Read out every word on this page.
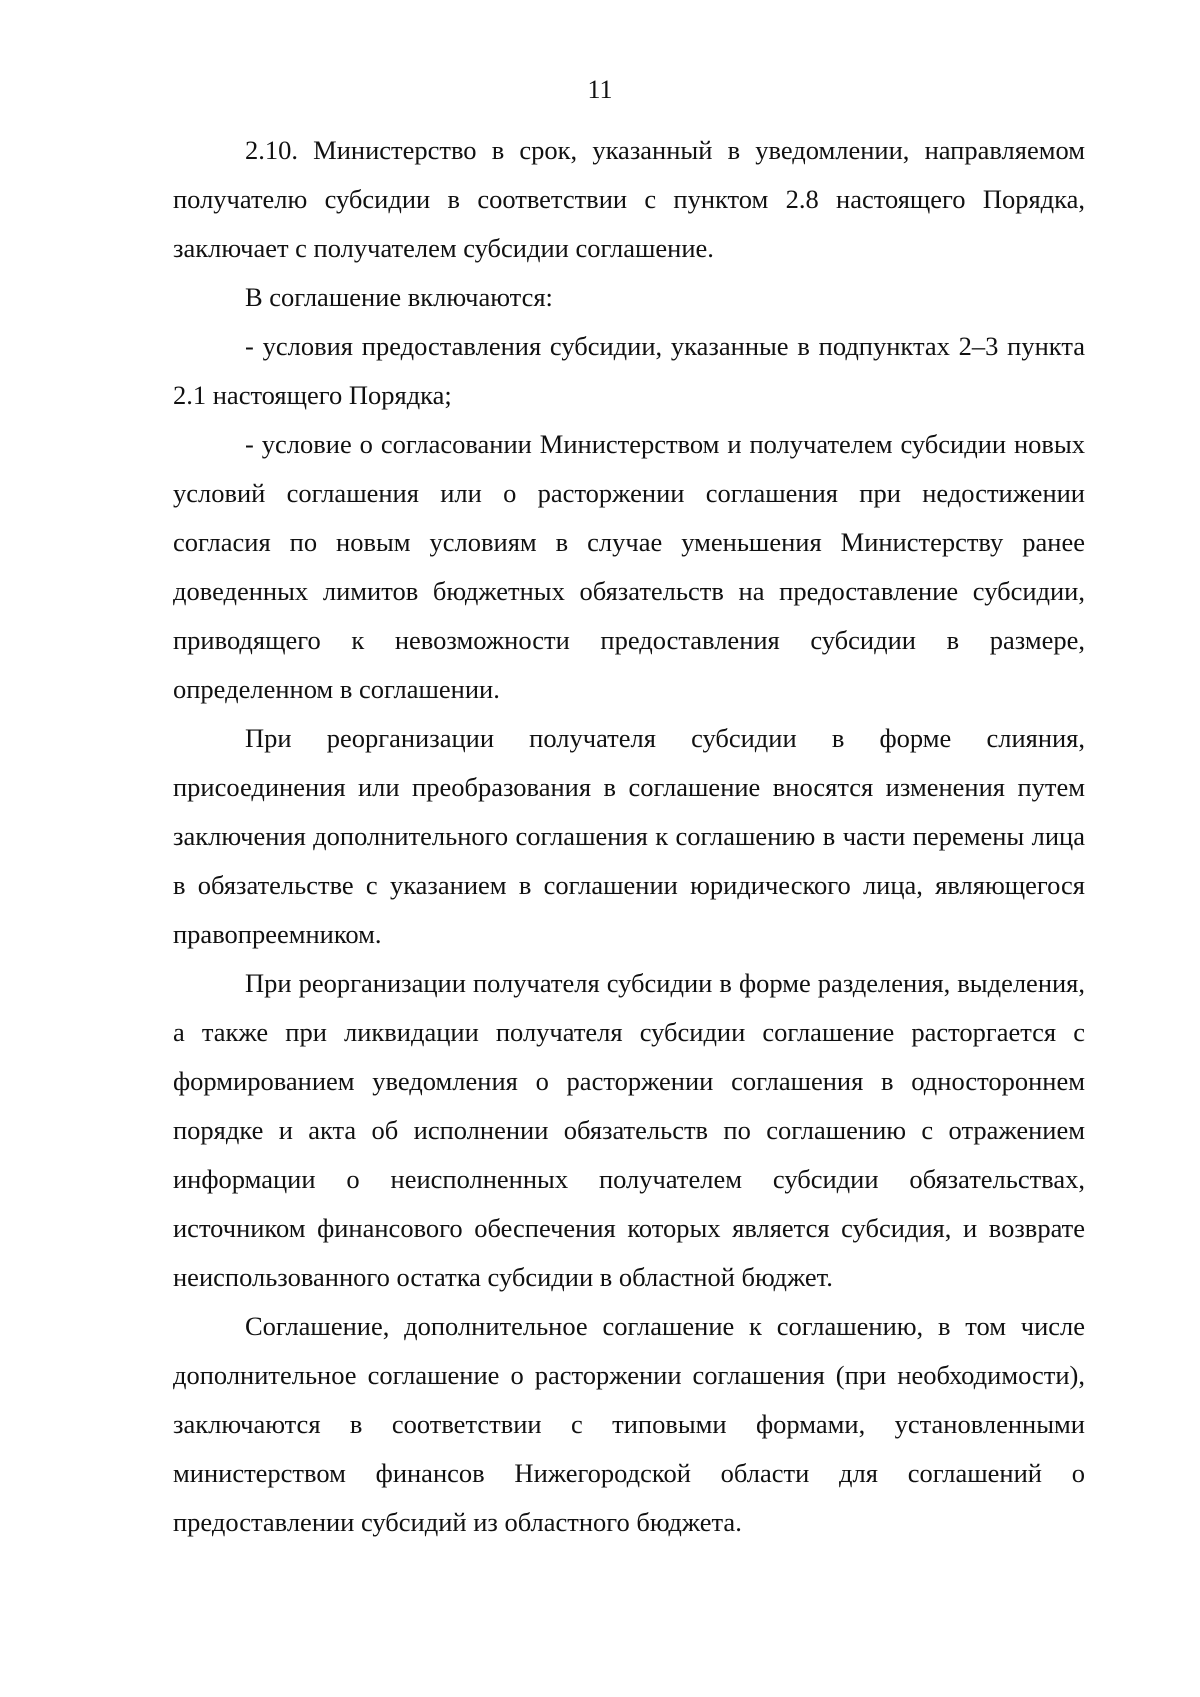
11

2.10. Министерство в срок, указанный в уведомлении, направляемом получателю субсидии в соответствии с пунктом 2.8 настоящего Порядка, заключает с получателем субсидии соглашение.

В соглашение включаются:

- условия предоставления субсидии, указанные в подпунктах 2–3 пункта 2.1 настоящего Порядка;

- условие о согласовании Министерством и получателем субсидии новых условий соглашения или о расторжении соглашения при недостижении согласия по новым условиям в случае уменьшения Министерству ранее доведенных лимитов бюджетных обязательств на предоставление субсидии, приводящего к невозможности предоставления субсидии в размере, определенном в соглашении.

При реорганизации получателя субсидии в форме слияния, присоединения или преобразования в соглашение вносятся изменения путем заключения дополнительного соглашения к соглашению в части перемены лица в обязательстве с указанием в соглашении юридического лица, являющегося правопреемником.

При реорганизации получателя субсидии в форме разделения, выделения, а также при ликвидации получателя субсидии соглашение расторгается с формированием уведомления о расторжении соглашения в одностороннем порядке и акта об исполнении обязательств по соглашению с отражением информации о неисполненных получателем субсидии обязательствах, источником финансового обеспечения которых является субсидия, и возврате неиспользованного остатка субсидии в областной бюджет.

Соглашение, дополнительное соглашение к соглашению, в том числе дополнительное соглашение о расторжении соглашения (при необходимости), заключаются в соответствии с типовыми формами, установленными министерством финансов Нижегородской области для соглашений о предоставлении субсидий из областного бюджета.
